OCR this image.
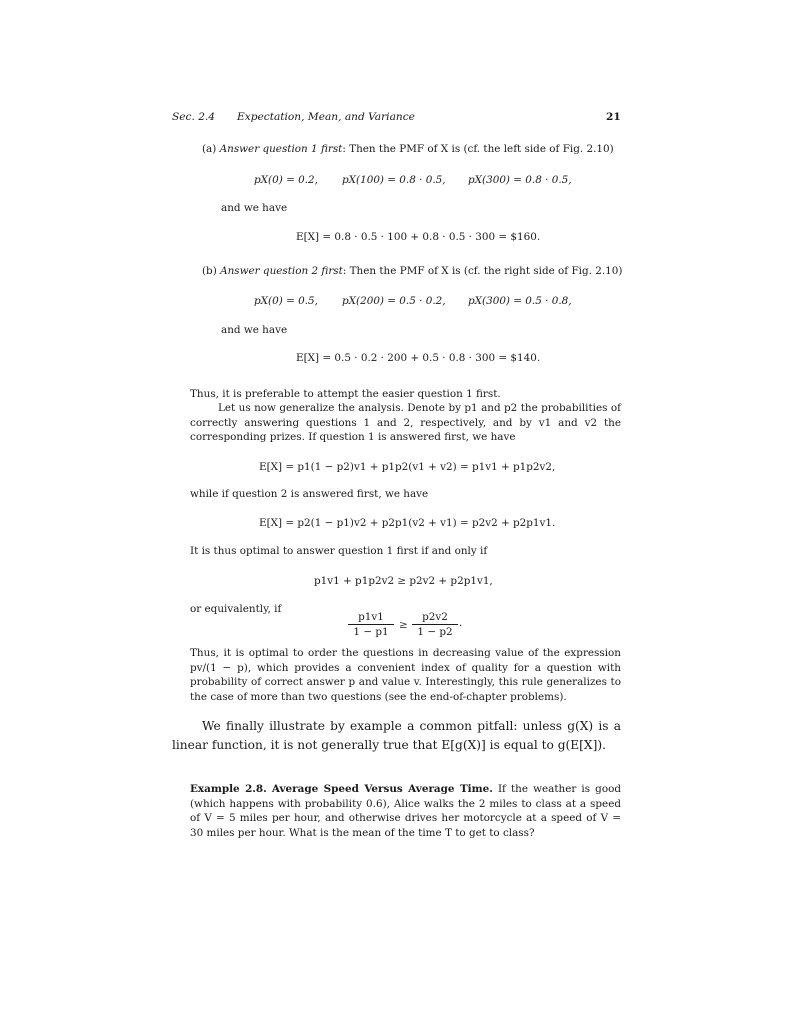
Sec. 2.4 Expectation, Mean, and Variance	21
(a) Answer question 1 first: Then the PMF of X is (cf. the left side of Fig. 2.10)
pX(0) = 0.2, pX(100) = 0.8 · 0.5, pX(300) = 0.8 · 0.5,
and we have
E[X] = 0.8 · 0.5 · 100 + 0.8 · 0.5 · 300 = $160.
(b) Answer question 2 first: Then the PMF of X is (cf. the right side of Fig. 2.10)
pX(0) = 0.5, pX(200) = 0.5 · 0.2, pX(300) = 0.5 · 0.8,
and we have
E[X] = 0.5 · 0.2 · 200 + 0.5 · 0.8 · 300 = $140.
Thus, it is preferable to attempt the easier question 1 first.
Let us now generalize the analysis. Denote by p1 and p2 the probabilities of correctly answering questions 1 and 2, respectively, and by v1 and v2 the corresponding prizes. If question 1 is answered first, we have
E[X] = p1(1 − p2)v1 + p1p2(v1 + v2) = p1v1 + p1p2v2,
while if question 2 is answered first, we have
E[X] = p2(1 − p1)v2 + p2p1(v2 + v1) = p2v2 + p2p1v1.
It is thus optimal to answer question 1 first if and only if
p1v1 + p1p2v2 ≥ p2v2 + p2p1v1,
or equivalently, if
$\frac{p1v1}{1 - p1} \ge \frac{p2v2}{1 - p2}$ .
Thus, it is optimal to order the questions in decreasing value of the expression pv/(1 − p), which provides a convenient index of quality for a question with probability of correct answer p and value v. Interestingly, this rule generalizes to the case of more than two questions (see the end-of-chapter problems).
We finally illustrate by example a common pitfall: unless g(X) is a linear function, it is not generally true that E[g(X)] is equal to g(E[X]).
Example 2.8. Average Speed Versus Average Time. If the weather is good (which happens with probability 0.6), Alice walks the 2 miles to class at a speed of V = 5 miles per hour, and otherwise drives her motorcycle at a speed of V = 30 miles per hour. What is the mean of the time T to get to class?
